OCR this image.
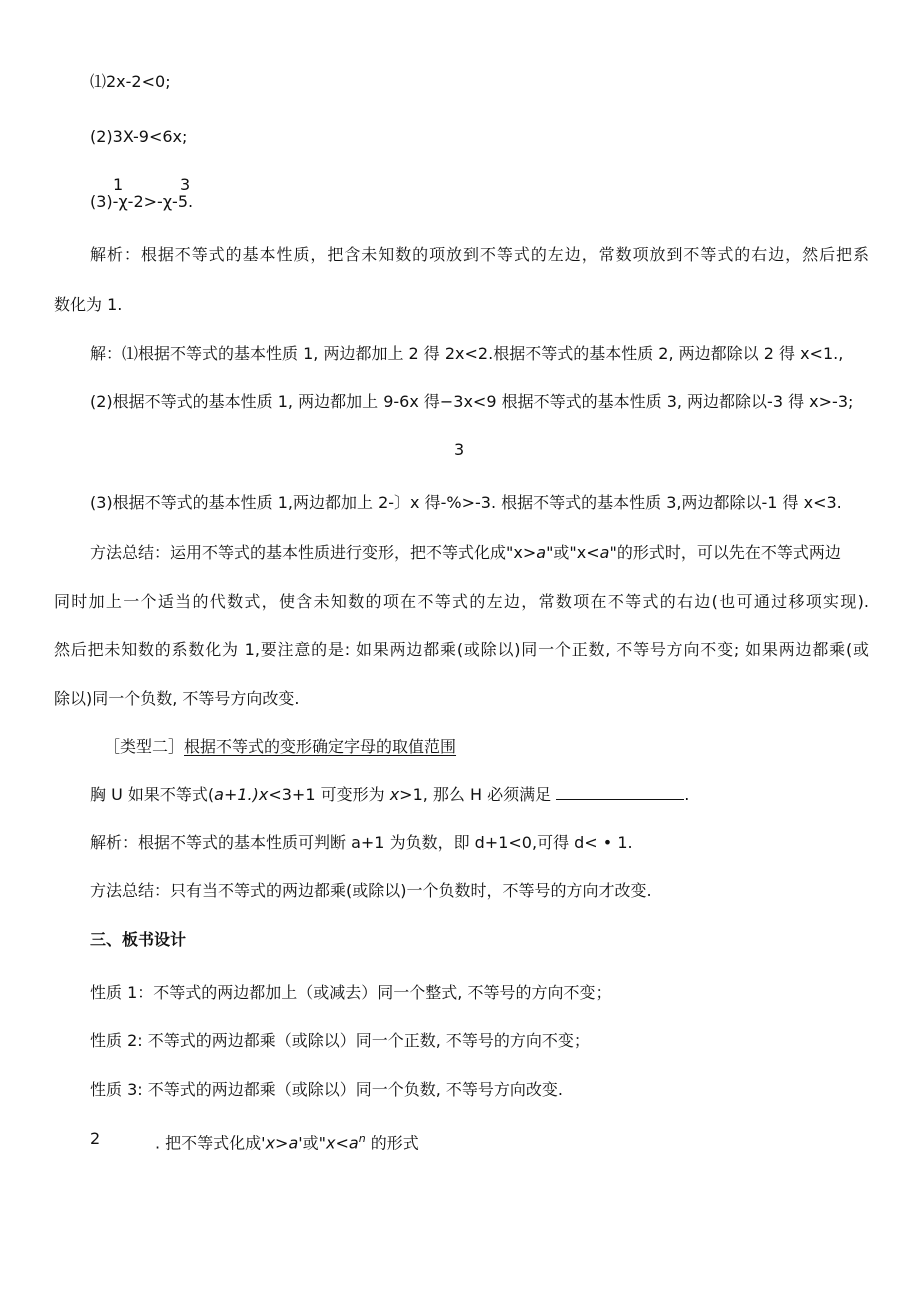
⑴2x-2<0;
(2)3X-9<6x;
1	3
(3)-χ-2>-χ-5.
解析：根据不等式的基本性质，把含未知数的项放到不等式的左边，常数项放到不等式的右边，然后把系
数化为 1.
解：⑴根据不等式的基本性质 1, 两边都加上 2 得 2x<2.根据不等式的基本性质 2, 两边都除以 2 得 x<1.,
(2)根据不等式的基本性质 1, 两边都加上 9-6x 得−3x<9 根据不等式的基本性质 3, 两边都除以-3 得 x>-3;
3
(3)根据不等式的基本性质 1,两边都加上 2-〕x 得-%>-3. 根据不等式的基本性质 3,两边都除以-1 得 x<3.
方法总结：运用不等式的基本性质进行变形，把不等式化成"x>a"或"x<a"的形式时，可以先在不等式两边
同时加上一个适当的代数式，使含未知数的项在不等式的左边，常数项在不等式的右边(也可通过移项实现).
然后把未知数的系数化为 1,要注意的是: 如果两边都乘(或除以)同一个正数, 不等号方向不变; 如果两边都乘(或
除以)同一个负数, 不等号方向改变.
［类型二］根据不等式的变形确定字母的取值范围
胸 U 如果不等式(a+1.)x<3+1 可变形为 x>1, 那么 H 必须满足	.
解析：根据不等式的基本性质可判断 a+1 为负数，即 d+1<0,可得 d< • 1.
方法总结：只有当不等式的两边都乘(或除以)一个负数时，不等号的方向才改变.
三、板书设计
性质 1：不等式的两边都加上（或减去）同一个整式, 不等号的方向不变；
性质 2: 不等式的两边都乘（或除以）同一个正数, 不等号的方向不变；
性质 3: 不等式的两边都乘（或除以）同一个负数, 不等号方向改变.
2	. 把不等式化成'x>a'或"$x<a^n$ 的形式
